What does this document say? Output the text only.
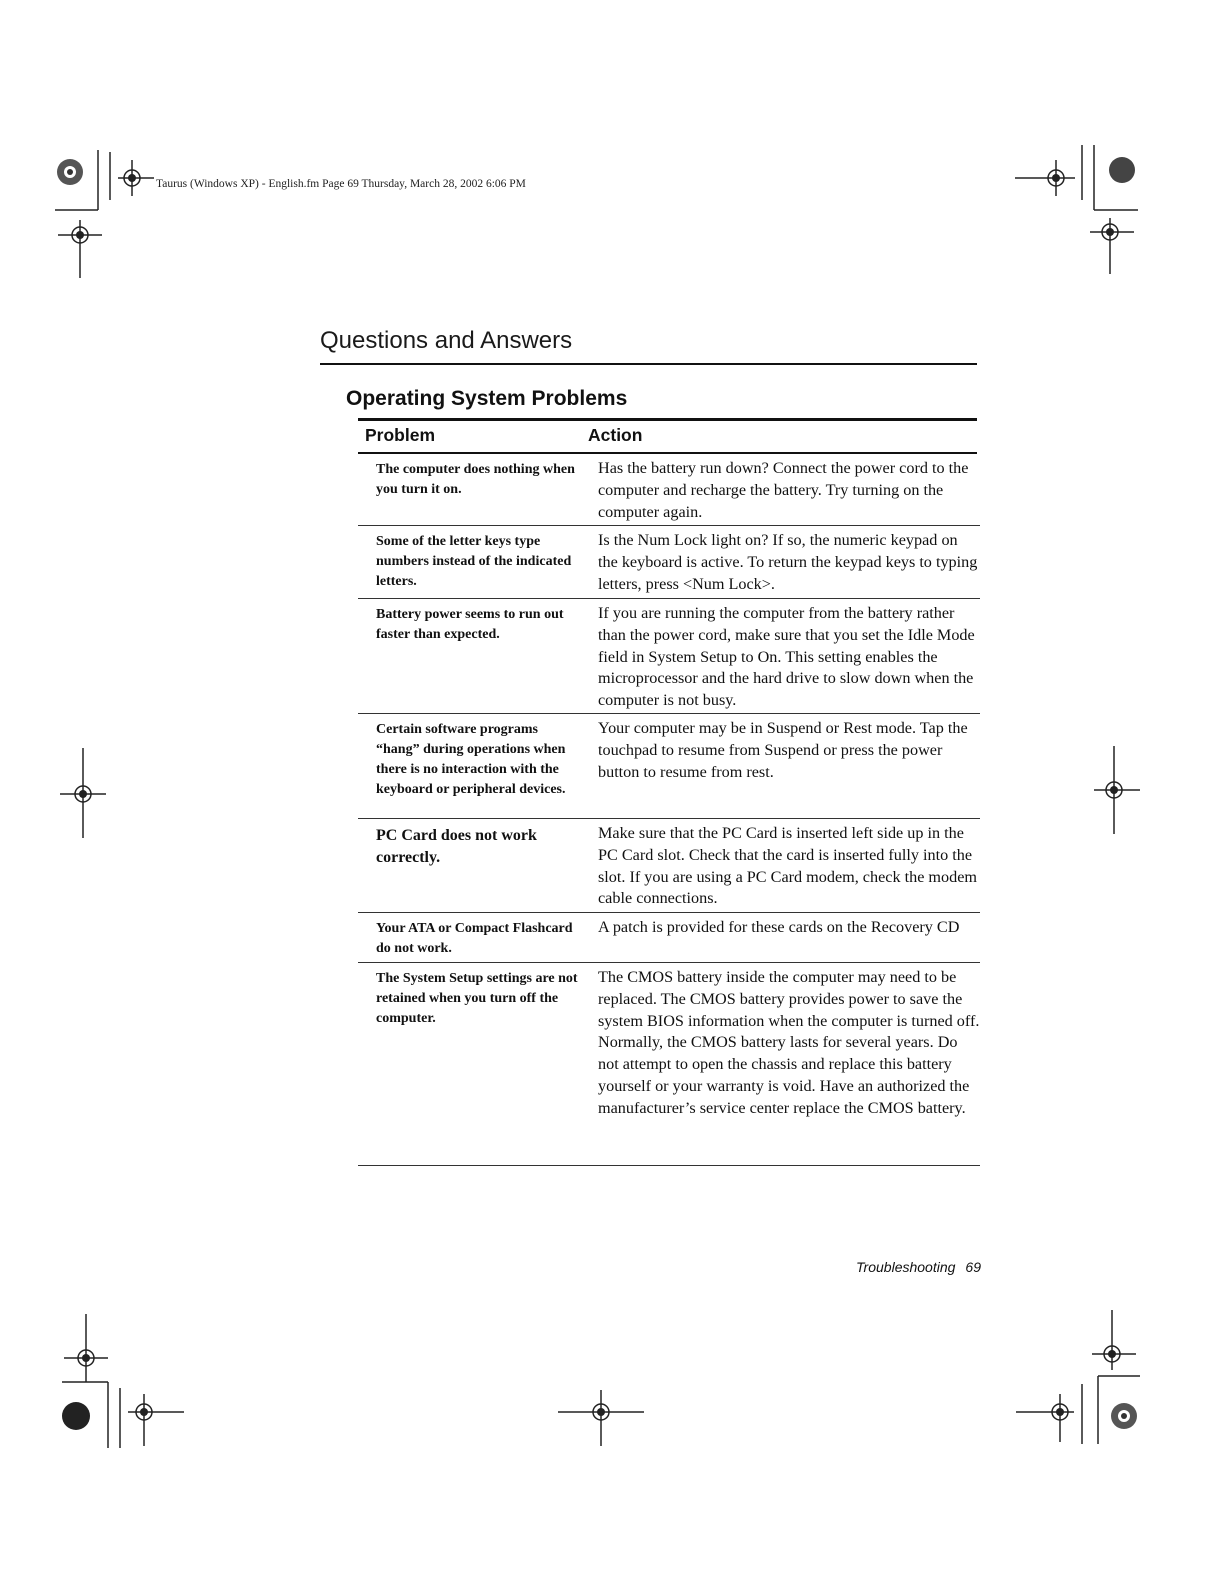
Taurus (Windows XP) - English.fm Page 69 Thursday, March 28, 2002 6:06 PM
Questions and Answers
Operating System Problems
Problem	Action
The computer does nothing when you turn it on.
Has the battery run down? Connect the power cord to the computer and recharge the battery. Try turning on the computer again.
Some of the letter keys type numbers instead of the indicated letters.
Is the Num Lock light on? If so, the numeric keypad on the keyboard is active. To return the keypad keys to typing letters, press <Num Lock>.
Battery power seems to run out faster than expected.
If you are running the computer from the battery rather than the power cord, make sure that you set the Idle Mode field in System Setup to On. This setting enables the microprocessor and the hard drive to slow down when the computer is not busy.
Certain software programs “hang” during operations when there is no interaction with the keyboard or peripheral devices.
Your computer may be in Suspend or Rest mode. Tap the touchpad to resume from Suspend or press the power button to resume from rest.
PC Card does not work correctly.
Make sure that the PC Card is inserted left side up in the PC Card slot. Check that the card is inserted fully into the slot. If you are using a PC Card modem, check the modem cable connections.
Your ATA or Compact Flashcard do not work.
A patch is provided for these cards on the Recovery CD
The System Setup settings are not retained when you turn off the computer.
The CMOS battery inside the computer may need to be replaced. The CMOS battery provides power to save the system BIOS information when the computer is turned off. Normally, the CMOS battery lasts for several years. Do not attempt to open the chassis and replace this battery yourself or your warranty is void. Have an authorized the manufacturer’s service center replace the CMOS battery.
Troubleshooting 69
